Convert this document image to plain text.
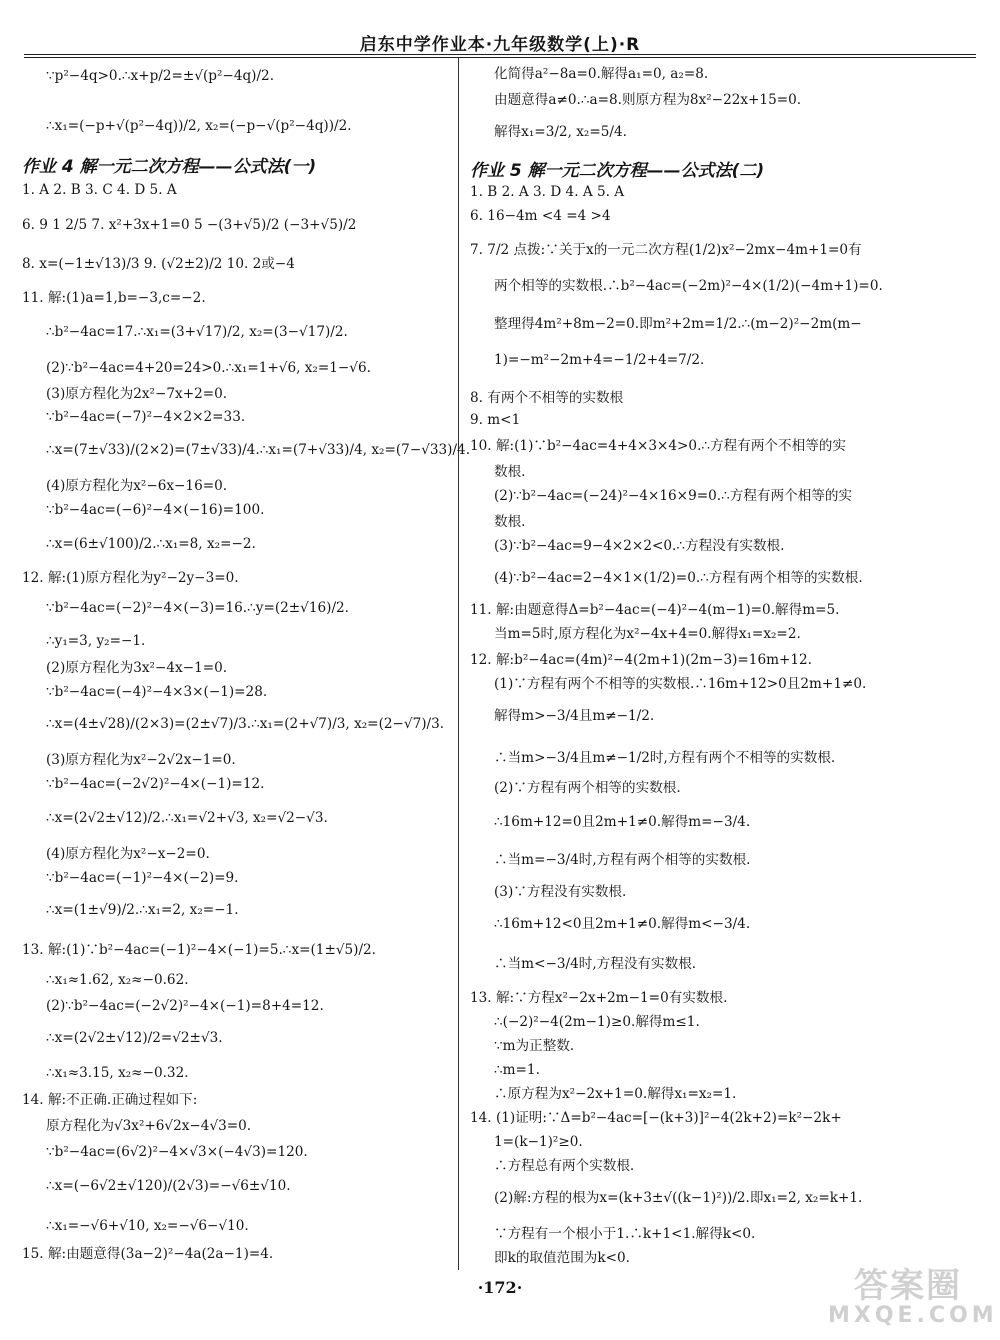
启东中学作业本·九年级数学(上)·R
∵p²−4q>0.∴x+p/2=±√(p²−4q)/2.
∴x₁=(−p+√(p²−4q))/2, x₂=(−p−√(p²−4q))/2.
作业 4 解一元二次方程——公式法(一)
1. A 2. B 3. C 4. D 5. A
6. 9 1 2/5 7. x²+3x+1=0 5 −(3+√5)/2 (−3+√5)/2
8. x=(−1±√13)/3 9. (√2±2)/2 10. 2或−4
11. 解:(1)a=1,b=−3,c=−2.
∴b²−4ac=17.∴x₁=(3+√17)/2, x₂=(3−√17)/2.
(2)∵b²−4ac=4+20=24>0.∴x₁=1+√6, x₂=1−√6.
(3)原方程化为2x²−7x+2=0.
∵b²−4ac=(−7)²−4×2×2=33.
∴x=(7±√33)/(2×2)=(7±√33)/4.∴x₁=(7+√33)/4, x₂=(7−√33)/4.
(4)原方程化为x²−6x−16=0.
∵b²−4ac=(−6)²−4×(−16)=100.
∴x=(6±√100)/2.∴x₁=8, x₂=−2.
12. 解:(1)原方程化为y²−2y−3=0.
∵b²−4ac=(−2)²−4×(−3)=16.∴y=(2±√16)/2.
∴y₁=3, y₂=−1.
(2)原方程化为3x²−4x−1=0.
∵b²−4ac=(−4)²−4×3×(−1)=28.
∴x=(4±√28)/(2×3)=(2±√7)/3.∴x₁=(2+√7)/3, x₂=(2−√7)/3.
(3)原方程化为x²−2√2x−1=0.
∵b²−4ac=(−2√2)²−4×(−1)=12.
∴x=(2√2±√12)/2.∴x₁=√2+√3, x₂=√2−√3.
(4)原方程化为x²−x−2=0.
∵b²−4ac=(−1)²−4×(−2)=9.
∴x=(1±√9)/2.∴x₁=2, x₂=−1.
13. 解:(1)∵b²−4ac=(−1)²−4×(−1)=5.∴x=(1±√5)/2.
∴x₁≈1.62, x₂≈−0.62.
(2)∵b²−4ac=(−2√2)²−4×(−1)=8+4=12.
∴x=(2√2±√12)/2=√2±√3.
∴x₁≈3.15, x₂≈−0.32.
14. 解:不正确.正确过程如下:
原方程化为√3x²+6√2x−4√3=0.
∵b²−4ac=(6√2)²−4×√3×(−4√3)=120.
∴x=(−6√2±√120)/(2√3)=−√6±√10.
∴x₁=−√6+√10, x₂=−√6−√10.
15. 解:由题意得(3a−2)²−4a(2a−1)=4.
化简得a²−8a=0.解得a₁=0, a₂=8.
由题意得a≠0.∴a=8.则原方程为8x²−22x+15=0.
解得x₁=3/2, x₂=5/4.
作业 5 解一元二次方程——公式法(二)
1. B 2. A 3. D 4. A 5. A
6. 16−4m <4 =4 >4
7. 7/2 点拨:∵关于x的一元二次方程(1/2)x²−2mx−4m+1=0有
两个相等的实数根.∴b²−4ac=(−2m)²−4×(1/2)(−4m+1)=0.
整理得4m²+8m−2=0.即m²+2m=1/2.∴(m−2)²−2m(m−
1)=−m²−2m+4=−1/2+4=7/2.
8. 有两个不相等的实数根
9. m<1
10. 解:(1)∵b²−4ac=4+4×3×4>0.∴方程有两个不相等的实
数根.
(2)∵b²−4ac=(−24)²−4×16×9=0.∴方程有两个相等的实
数根.
(3)∵b²−4ac=9−4×2×2<0.∴方程没有实数根.
(4)∵b²−4ac=2−4×1×(1/2)=0.∴方程有两个相等的实数根.
11. 解:由题意得Δ=b²−4ac=(−4)²−4(m−1)=0.解得m=5.
当m=5时,原方程化为x²−4x+4=0.解得x₁=x₂=2.
12. 解:b²−4ac=(4m)²−4(2m+1)(2m−3)=16m+12.
(1)∵方程有两个不相等的实数根.∴16m+12>0且2m+1≠0.
解得m>−3/4且m≠−1/2.
∴当m>−3/4且m≠−1/2时,方程有两个不相等的实数根.
(2)∵方程有两个相等的实数根.
∴16m+12=0且2m+1≠0.解得m=−3/4.
∴当m=−3/4时,方程有两个相等的实数根.
(3)∵方程没有实数根.
∴16m+12<0且2m+1≠0.解得m<−3/4.
∴当m<−3/4时,方程没有实数根.
13. 解:∵方程x²−2x+2m−1=0有实数根.
∴(−2)²−4(2m−1)≥0.解得m≤1.
∵m为正整数.
∴m=1.
∴原方程为x²−2x+1=0.解得x₁=x₂=1.
14. (1)证明:∵Δ=b²−4ac=[−(k+3)]²−4(2k+2)=k²−2k+
1=(k−1)²≥0.
∴方程总有两个实数根.
(2)解:方程的根为x=(k+3±√((k−1)²))/2.即x₁=2, x₂=k+1.
∵方程有一个根小于1.∴k+1<1.解得k<0.
即k的取值范围为k<0.
·172·	答案圈
MXQE.COM
